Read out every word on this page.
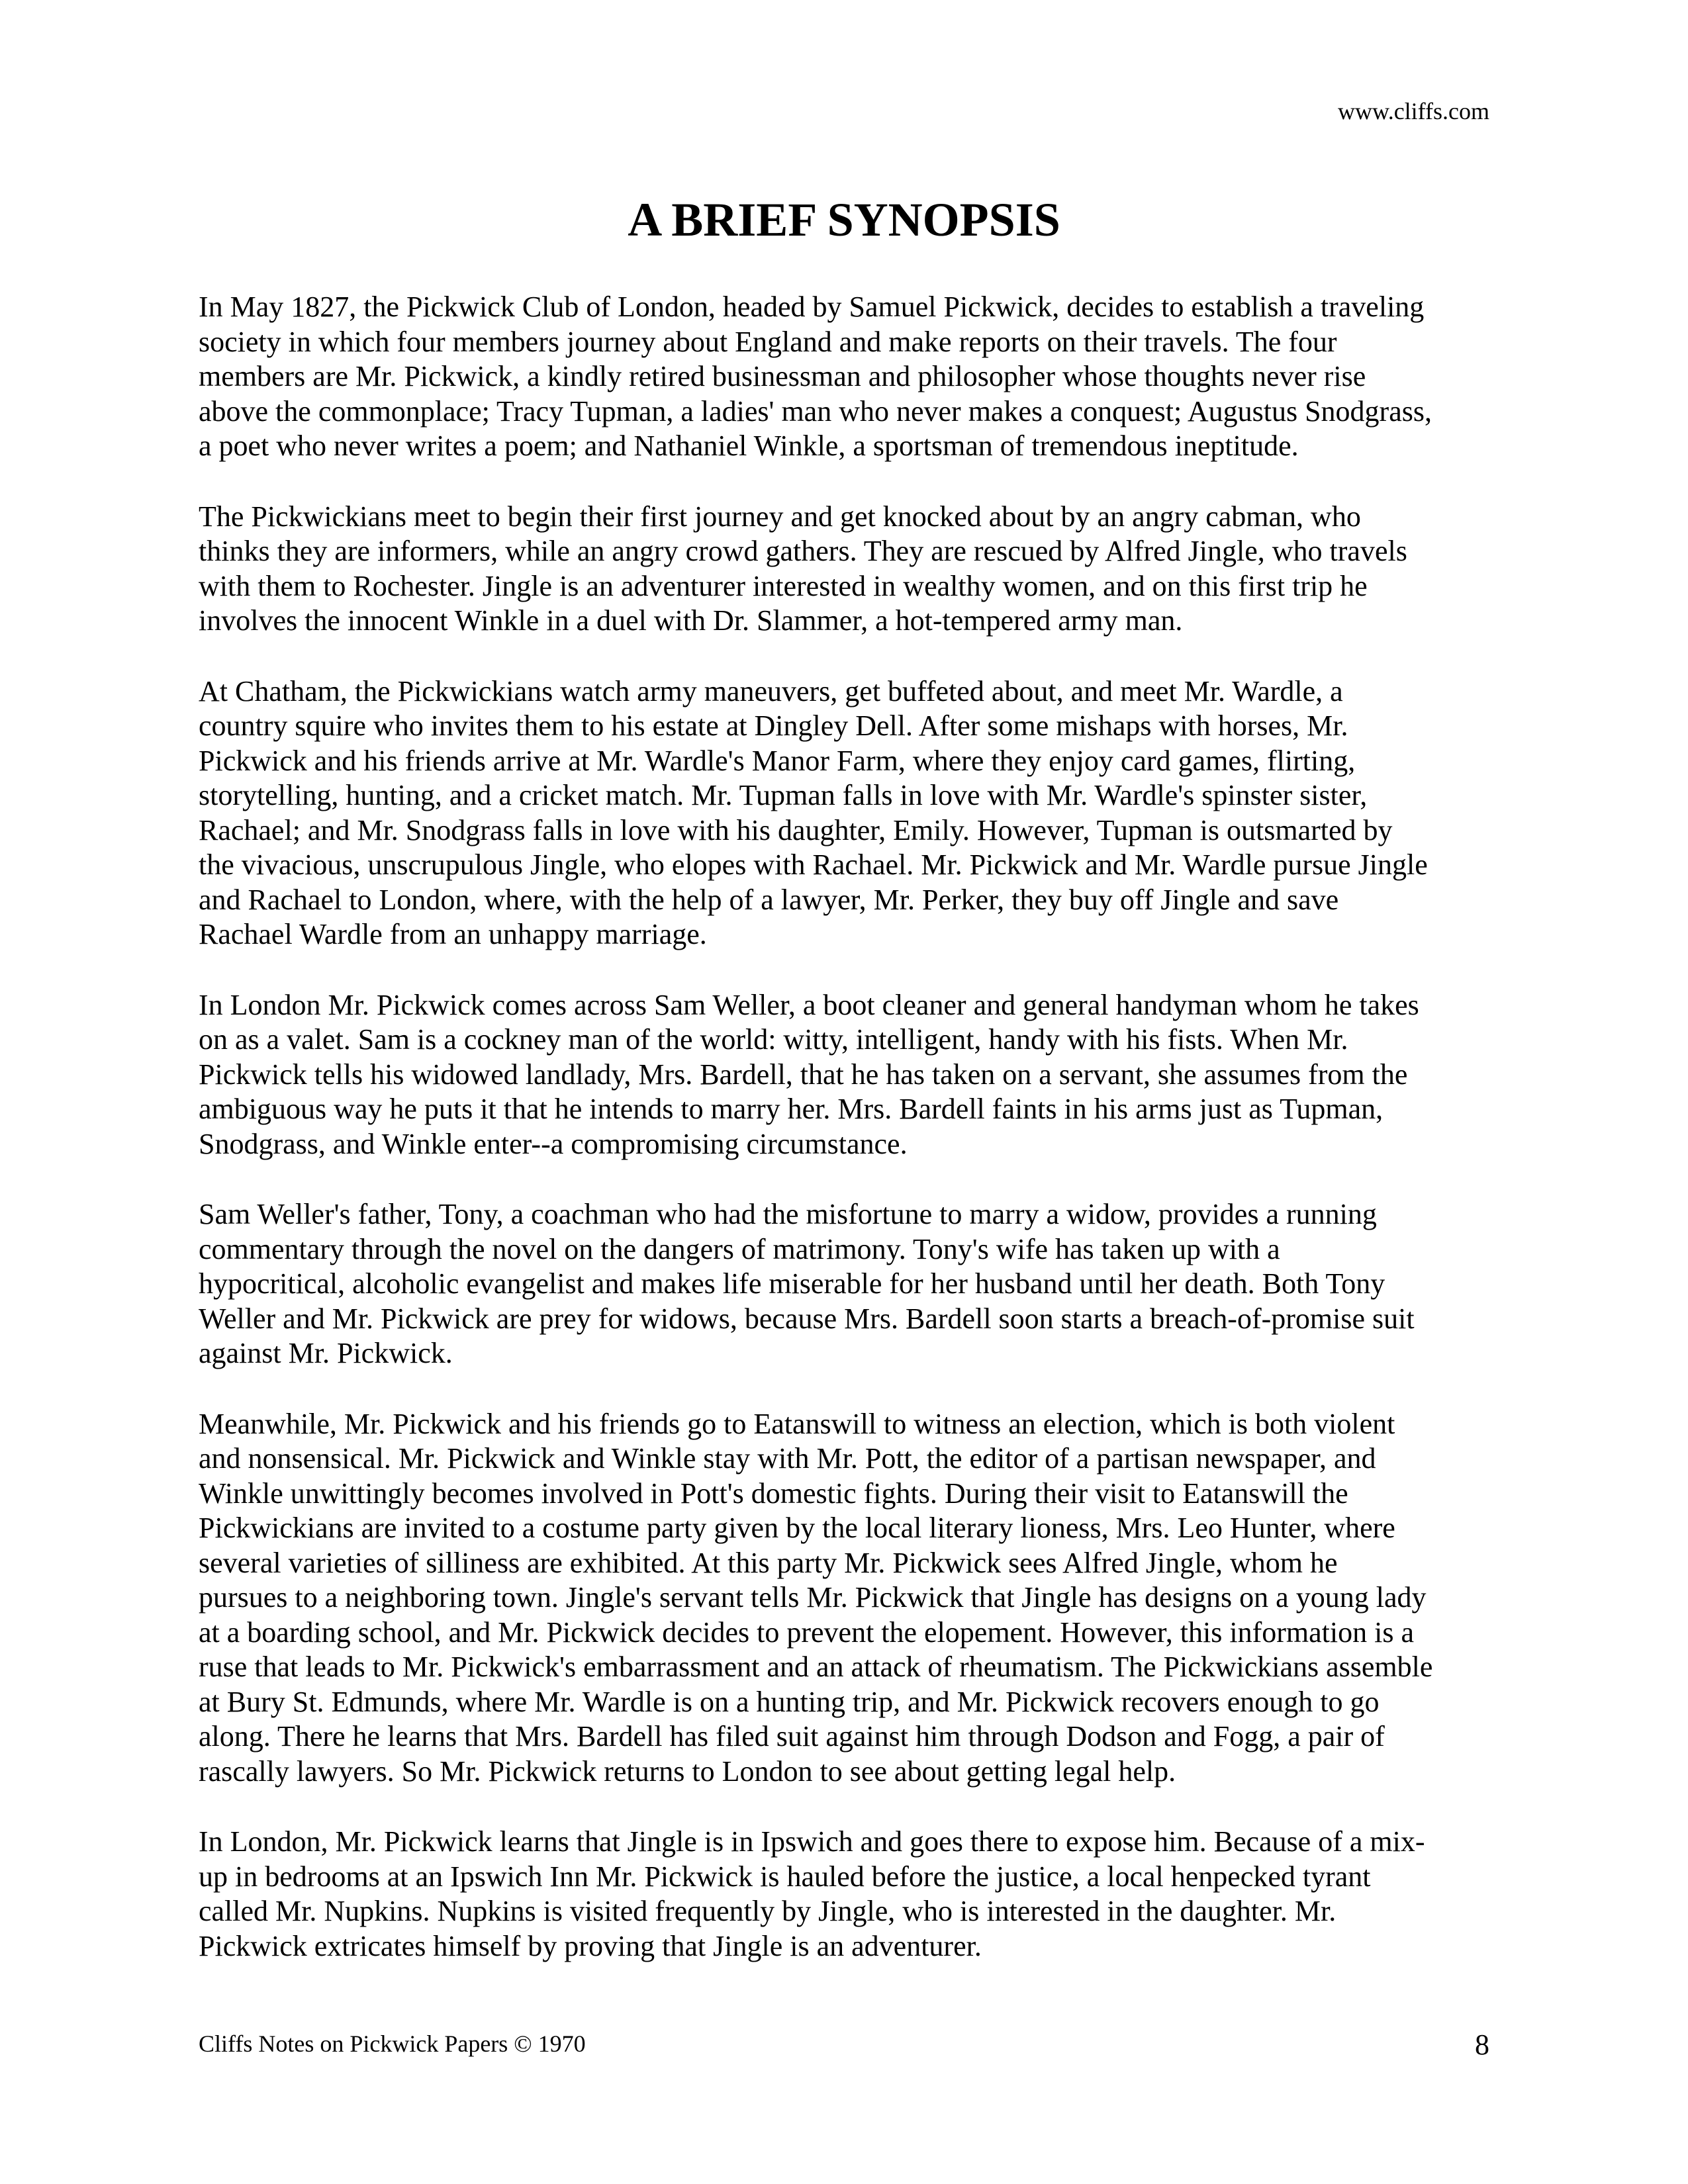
www.cliffs.com
A BRIEF SYNOPSIS

In May 1827, the Pickwick Club of London, headed by Samuel Pickwick, decides to establish a traveling
society in which four members journey about England and make reports on their travels. The four
members are Mr. Pickwick, a kindly retired businessman and philosopher whose thoughts never rise
above the commonplace; Tracy Tupman, a ladies' man who never makes a conquest; Augustus Snodgrass,
a poet who never writes a poem; and Nathaniel Winkle, a sportsman of tremendous ineptitude.

The Pickwickians meet to begin their first journey and get knocked about by an angry cabman, who
thinks they are informers, while an angry crowd gathers. They are rescued by Alfred Jingle, who travels
with them to Rochester. Jingle is an adventurer interested in wealthy women, and on this first trip he
involves the innocent Winkle in a duel with Dr. Slammer, a hot-tempered army man.

At Chatham, the Pickwickians watch army maneuvers, get buffeted about, and meet Mr. Wardle, a
country squire who invites them to his estate at Dingley Dell. After some mishaps with horses, Mr.
Pickwick and his friends arrive at Mr. Wardle's Manor Farm, where they enjoy card games, flirting,
storytelling, hunting, and a cricket match. Mr. Tupman falls in love with Mr. Wardle's spinster sister,
Rachael; and Mr. Snodgrass falls in love with his daughter, Emily. However, Tupman is outsmarted by
the vivacious, unscrupulous Jingle, who elopes with Rachael. Mr. Pickwick and Mr. Wardle pursue Jingle
and Rachael to London, where, with the help of a lawyer, Mr. Perker, they buy off Jingle and save
Rachael Wardle from an unhappy marriage.

In London Mr. Pickwick comes across Sam Weller, a boot cleaner and general handyman whom he takes
on as a valet. Sam is a cockney man of the world: witty, intelligent, handy with his fists. When Mr.
Pickwick tells his widowed landlady, Mrs. Bardell, that he has taken on a servant, she assumes from the
ambiguous way he puts it that he intends to marry her. Mrs. Bardell faints in his arms just as Tupman,
Snodgrass, and Winkle enter--a compromising circumstance.

Sam Weller's father, Tony, a coachman who had the misfortune to marry a widow, provides a running
commentary through the novel on the dangers of matrimony. Tony's wife has taken up with a
hypocritical, alcoholic evangelist and makes life miserable for her husband until her death. Both Tony
Weller and Mr. Pickwick are prey for widows, because Mrs. Bardell soon starts a breach-of-promise suit
against Mr. Pickwick.

Meanwhile, Mr. Pickwick and his friends go to Eatanswill to witness an election, which is both violent
and nonsensical. Mr. Pickwick and Winkle stay with Mr. Pott, the editor of a partisan newspaper, and
Winkle unwittingly becomes involved in Pott's domestic fights. During their visit to Eatanswill the
Pickwickians are invited to a costume party given by the local literary lioness, Mrs. Leo Hunter, where
several varieties of silliness are exhibited. At this party Mr. Pickwick sees Alfred Jingle, whom he
pursues to a neighboring town. Jingle's servant tells Mr. Pickwick that Jingle has designs on a young lady
at a boarding school, and Mr. Pickwick decides to prevent the elopement. However, this information is a
ruse that leads to Mr. Pickwick's embarrassment and an attack of rheumatism. The Pickwickians assemble
at Bury St. Edmunds, where Mr. Wardle is on a hunting trip, and Mr. Pickwick recovers enough to go
along. There he learns that Mrs. Bardell has filed suit against him through Dodson and Fogg, a pair of
rascally lawyers. So Mr. Pickwick returns to London to see about getting legal help.

In London, Mr. Pickwick learns that Jingle is in Ipswich and goes there to expose him. Because of a mix-
up in bedrooms at an Ipswich Inn Mr. Pickwick is hauled before the justice, a local henpecked tyrant
called Mr. Nupkins. Nupkins is visited frequently by Jingle, who is interested in the daughter. Mr.
Pickwick extricates himself by proving that Jingle is an adventurer.

Cliffs Notes on Pickwick Papers © 1970	8
